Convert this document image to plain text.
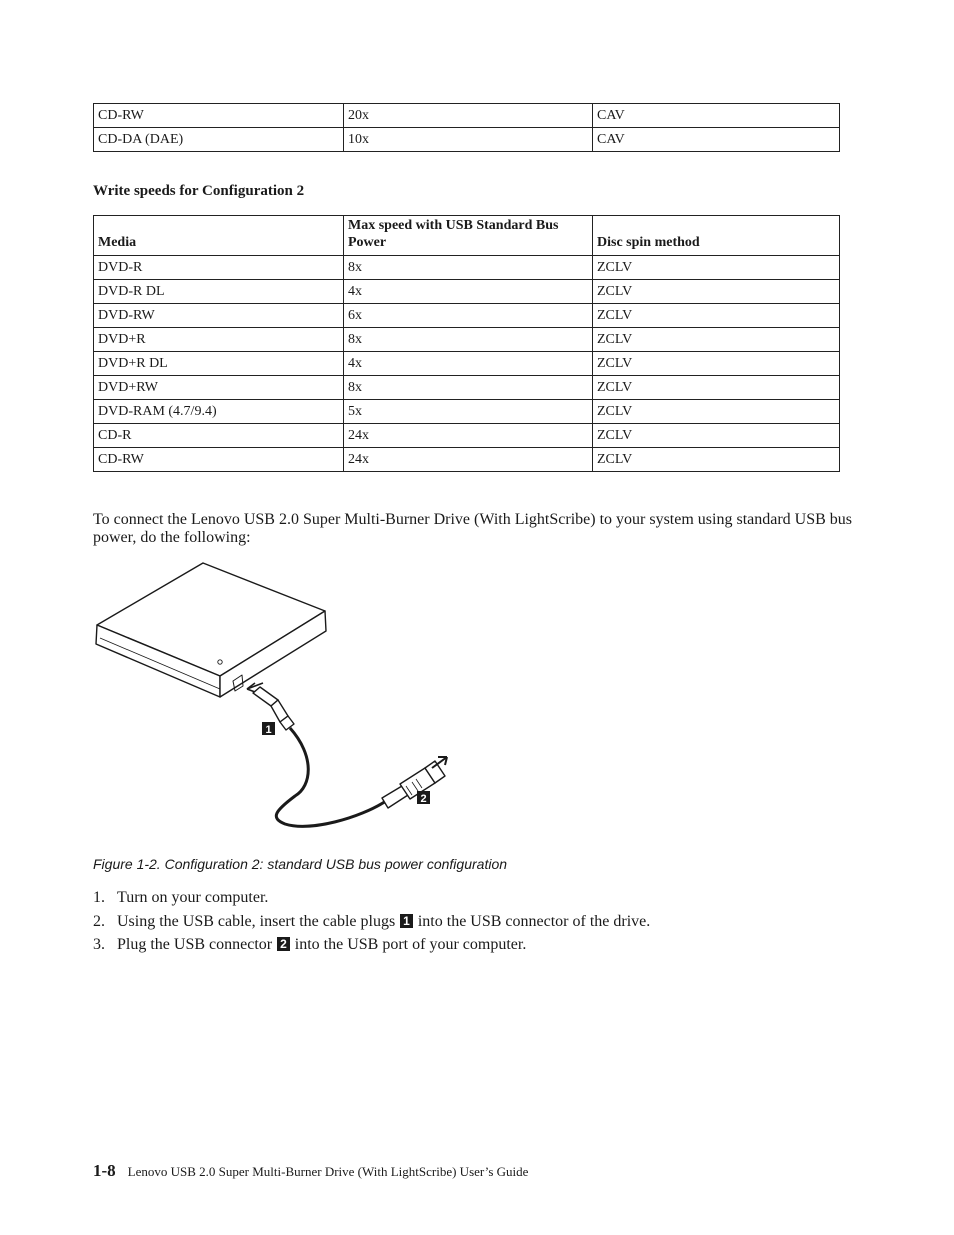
CD-RW	20x	CAV
CD-DA (DAE)	10x	CAV
Write speeds for Configuration 2
Media	Max speed with USB Standard Bus Power	Disc spin method
DVD-R	8x	ZCLV
DVD-R DL	4x	ZCLV
DVD-RW	6x	ZCLV
DVD+R	8x	ZCLV
DVD+R DL	4x	ZCLV
DVD+RW	8x	ZCLV
DVD-RAM (4.7/9.4)	5x	ZCLV
CD-R	24x	ZCLV
CD-RW	24x	ZCLV
To connect the Lenovo USB 2.0 Super Multi-Burner Drive (With LightScribe) to your system using standard USB bus power, do the following:
1
2
Figure 1-2. Configuration 2: standard USB bus power configuration
1. Turn on your computer.
2. Using the USB cable, insert the cable plugs 1 into the USB connector of the drive.
3. Plug the USB connector 2 into the USB port of your computer.
1-8 Lenovo USB 2.0 Super Multi-Burner Drive (With LightScribe) User’s Guide
